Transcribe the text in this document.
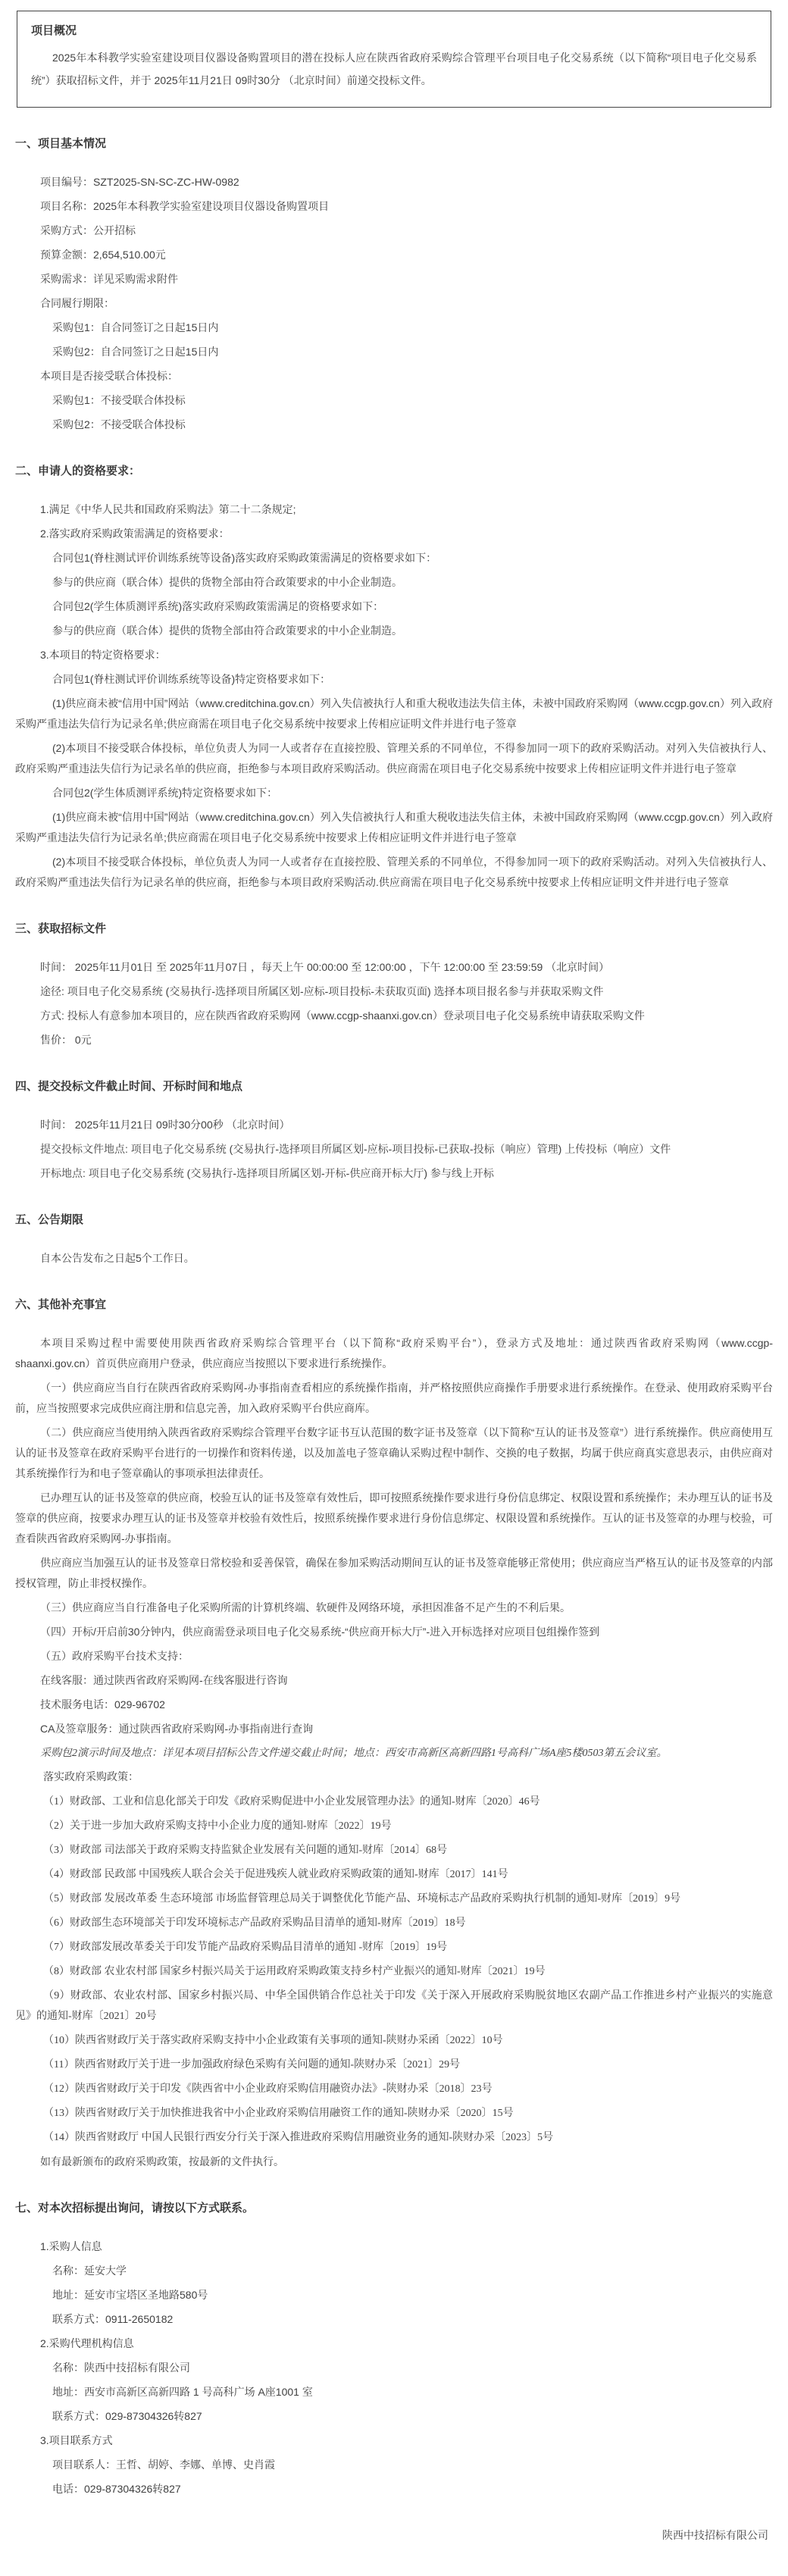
项目概况
2025年本科教学实验室建设项目仪器设备购置项目的潜在投标人应在陕西省政府采购综合管理平台项目电子化交易系统（以下简称“项目电子化交易系统”）获取招标文件，并于 2025年11月21日 09时30分 （北京时间）前递交投标文件。
一、项目基本情况
项目编号：SZT2025-SN-SC-ZC-HW-0982
项目名称：2025年本科教学实验室建设项目仪器设备购置项目
采购方式：公开招标
预算金额：2,654,510.00元
采购需求：详见采购需求附件
合同履行期限：
采购包1：自合同签订之日起15日内
采购包2：自合同签订之日起15日内
本项目是否接受联合体投标：
采购包1：不接受联合体投标
采购包2：不接受联合体投标
二、申请人的资格要求：
1.满足《中华人民共和国政府采购法》第二十二条规定;
2.落实政府采购政策需满足的资格要求：
合同包1(脊柱测试评价训练系统等设备)落实政府采购政策需满足的资格要求如下：
参与的供应商（联合体）提供的货物全部由符合政策要求的中小企业制造。
合同包2(学生体质测评系统)落实政府采购政策需满足的资格要求如下：
参与的供应商（联合体）提供的货物全部由符合政策要求的中小企业制造。
3.本项目的特定资格要求：
合同包1(脊柱测试评价训练系统等设备)特定资格要求如下：
(1)供应商未被“信用中国”网站（www.creditchina.gov.cn）列入失信被执行人和重大税收违法失信主体，未被中国政府采购网（www.ccgp.gov.cn）列入政府采购严重违法失信行为记录名单;供应商需在项目电子化交易系统中按要求上传相应证明文件并进行电子签章
(2)本项目不接受联合体投标，单位负责人为同一人或者存在直接控股、管理关系的不同单位，不得参加同一项下的政府采购活动。对列入失信被执行人、政府采购严重违法失信行为记录名单的供应商，拒绝参与本项目政府采购活动。供应商需在项目电子化交易系统中按要求上传相应证明文件并进行电子签章
合同包2(学生体质测评系统)特定资格要求如下：
(1)供应商未被“信用中国”网站（www.creditchina.gov.cn）列入失信被执行人和重大税收违法失信主体，未被中国政府采购网（www.ccgp.gov.cn）列入政府采购严重违法失信行为记录名单;供应商需在项目电子化交易系统中按要求上传相应证明文件并进行电子签章
(2)本项目不接受联合体投标，单位负责人为同一人或者存在直接控股、管理关系的不同单位，不得参加同一项下的政府采购活动。对列入失信被执行人、政府采购严重违法失信行为记录名单的供应商，拒绝参与本项目政府采购活动.供应商需在项目电子化交易系统中按要求上传相应证明文件并进行电子签章
三、获取招标文件
时间： 2025年11月01日 至 2025年11月07日 ，每天上午 00:00:00 至 12:00:00 ，下午 12:00:00 至 23:59:59 （北京时间）
途径: 项目电子化交易系统 (交易执行-选择项目所属区划-应标-项目投标-未获取页面) 选择本项目报名参与并获取采购文件
方式: 投标人有意参加本项目的，应在陕西省政府采购网（www.ccgp-shaanxi.gov.cn）登录项目电子化交易系统申请获取采购文件
售价： 0元
四、提交投标文件截止时间、开标时间和地点
时间： 2025年11月21日 09时30分00秒 （北京时间）
提交投标文件地点: 项目电子化交易系统 (交易执行-选择项目所属区划-应标-项目投标-已获取-投标（响应）管理) 上传投标（响应）文件
开标地点: 项目电子化交易系统 (交易执行-选择项目所属区划-开标-供应商开标大厅) 参与线上开标
五、公告期限
自本公告发布之日起5个工作日。
六、其他补充事宜
本项目采购过程中需要使用陕西省政府采购综合管理平台（以下简称“政府采购平台”），登录方式及地址：通过陕西省政府采购网（www.ccgp-shaanxi.gov.cn）首页供应商用户登录，供应商应当按照以下要求进行系统操作。
（一）供应商应当自行在陕西省政府采购网-办事指南查看相应的系统操作指南，并严格按照供应商操作手册要求进行系统操作。在登录、使用政府采购平台前，应当按照要求完成供应商注册和信息完善，加入政府采购平台供应商库。
（二）供应商应当使用纳入陕西省政府采购综合管理平台数字证书互认范围的数字证书及签章（以下简称“互认的证书及签章”）进行系统操作。供应商使用互认的证书及签章在政府采购平台进行的一切操作和资料传递，以及加盖电子签章确认采购过程中制作、交换的电子数据，均属于供应商真实意思表示，由供应商对其系统操作行为和电子签章确认的事项承担法律责任。
已办理互认的证书及签章的供应商，校验互认的证书及签章有效性后，即可按照系统操作要求进行身份信息绑定、权限设置和系统操作；未办理互认的证书及签章的供应商，按要求办理互认的证书及签章并校验有效性后，按照系统操作要求进行身份信息绑定、权限设置和系统操作。互认的证书及签章的办理与校验，可查看陕西省政府采购网-办事指南。
供应商应当加强互认的证书及签章日常校验和妥善保管，确保在参加采购活动期间互认的证书及签章能够正常使用；供应商应当严格互认的证书及签章的内部授权管理，防止非授权操作。
（三）供应商应当自行准备电子化采购所需的计算机终端、软硬件及网络环境，承担因准备不足产生的不利后果。
（四）开标/开启前30分钟内，供应商需登录项目电子化交易系统-“供应商开标大厅”-进入开标选择对应项目包组操作签到
（五）政府采购平台技术支持：
在线客服：通过陕西省政府采购网-在线客服进行咨询
技术服务电话：029-96702
CA及签章服务：通过陕西省政府采购网-办事指南进行查询
采购包2演示时间及地点：详见本项目招标公告文件递交截止时间；地点：西安市高新区高新四路1号高科广场A座5楼0503第五会议室。
落实政府采购政策：
（1）财政部、工业和信息化部关于印发《政府采购促进中小企业发展管理办法》的通知-财库〔2020〕46号
（2）关于进一步加大政府采购支持中小企业力度的通知-财库〔2022〕19号
（3）财政部 司法部关于政府采购支持监狱企业发展有关问题的通知-财库〔2014〕68号
（4）财政部 民政部 中国残疾人联合会关于促进残疾人就业政府采购政策的通知-财库〔2017〕141号
（5）财政部 发展改革委 生态环境部 市场监督管理总局关于调整优化节能产品、环境标志产品政府采购执行机制的通知-财库〔2019〕9号
（6）财政部生态环境部关于印发环境标志产品政府采购品目清单的通知-财库〔2019〕18号
（7）财政部发展改革委关于印发节能产品政府采购品目清单的通知 -财库〔2019〕19号
（8）财政部 农业农村部 国家乡村振兴局关于运用政府采购政策支持乡村产业振兴的通知-财库〔2021〕19号
（9）财政部、农业农村部、国家乡村振兴局、中华全国供销合作总社关于印发《关于深入开展政府采购脱贫地区农副产品工作推进乡村产业振兴的实施意见》的通知-财库〔2021〕20号
（10）陕西省财政厅关于落实政府采购支持中小企业政策有关事项的通知-陕财办采函〔2022〕10号
（11）陕西省财政厅关于进一步加强政府绿色采购有关问题的通知-陕财办采〔2021〕29号
（12）陕西省财政厅关于印发《陕西省中小企业政府采购信用融资办法》-陕财办采〔2018〕23号
（13）陕西省财政厅关于加快推进我省中小企业政府采购信用融资工作的通知-陕财办采〔2020〕15号
（14）陕西省财政厅 中国人民银行西安分行关于深入推进政府采购信用融资业务的通知-陕财办采〔2023〕5号
如有最新颁布的政府采购政策，按最新的文件执行。
七、对本次招标提出询问，请按以下方式联系。
1.采购人信息
名称：延安大学
地址：延安市宝塔区圣地路580号
联系方式：0911-2650182
2.采购代理机构信息
名称：陕西中技招标有限公司
地址：西安市高新区高新四路 1 号高科广场 A座1001 室
联系方式：029-87304326转827
3.项目联系方式
项目联系人：王哲、胡婷、李娜、单博、史肖霞
电话：029-87304326转827
陕西中技招标有限公司
